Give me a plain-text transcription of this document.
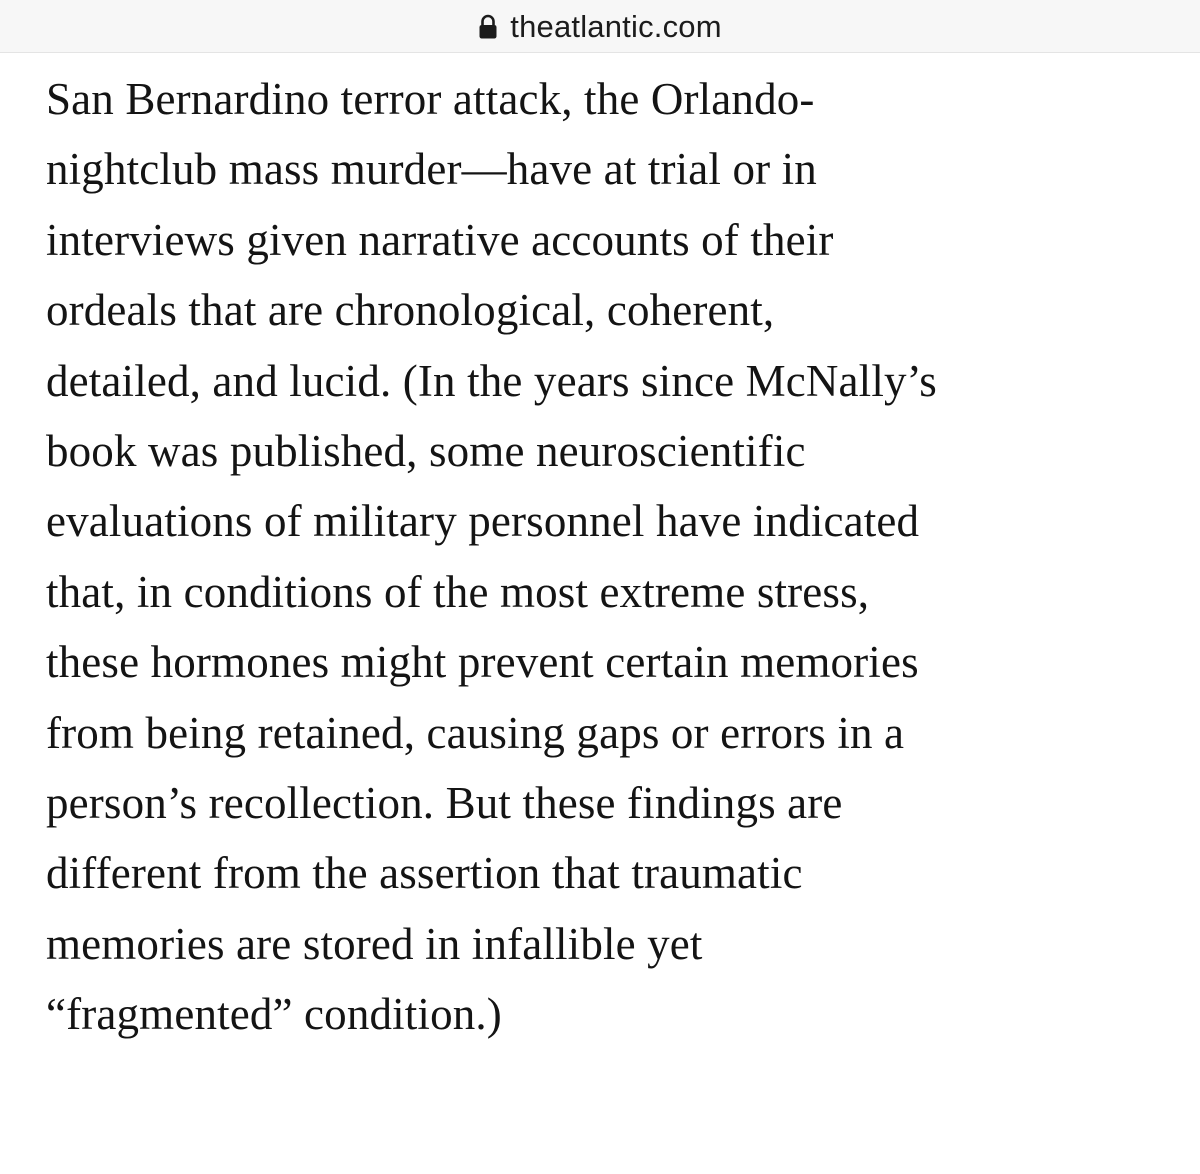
theatlantic.com
San Bernardino terror attack, the Orlando-
nightclub mass murder—have at trial or in
interviews given narrative accounts of their
ordeals that are chronological, coherent,
detailed, and lucid. (In the years since McNally’s
book was published, some neuroscientific
evaluations of military personnel have indicated
that, in conditions of the most extreme stress,
these hormones might prevent certain memories
from being retained, causing gaps or errors in a
person’s recollection. But these findings are
different from the assertion that traumatic
memories are stored in infallible yet
“fragmented” condition.)
